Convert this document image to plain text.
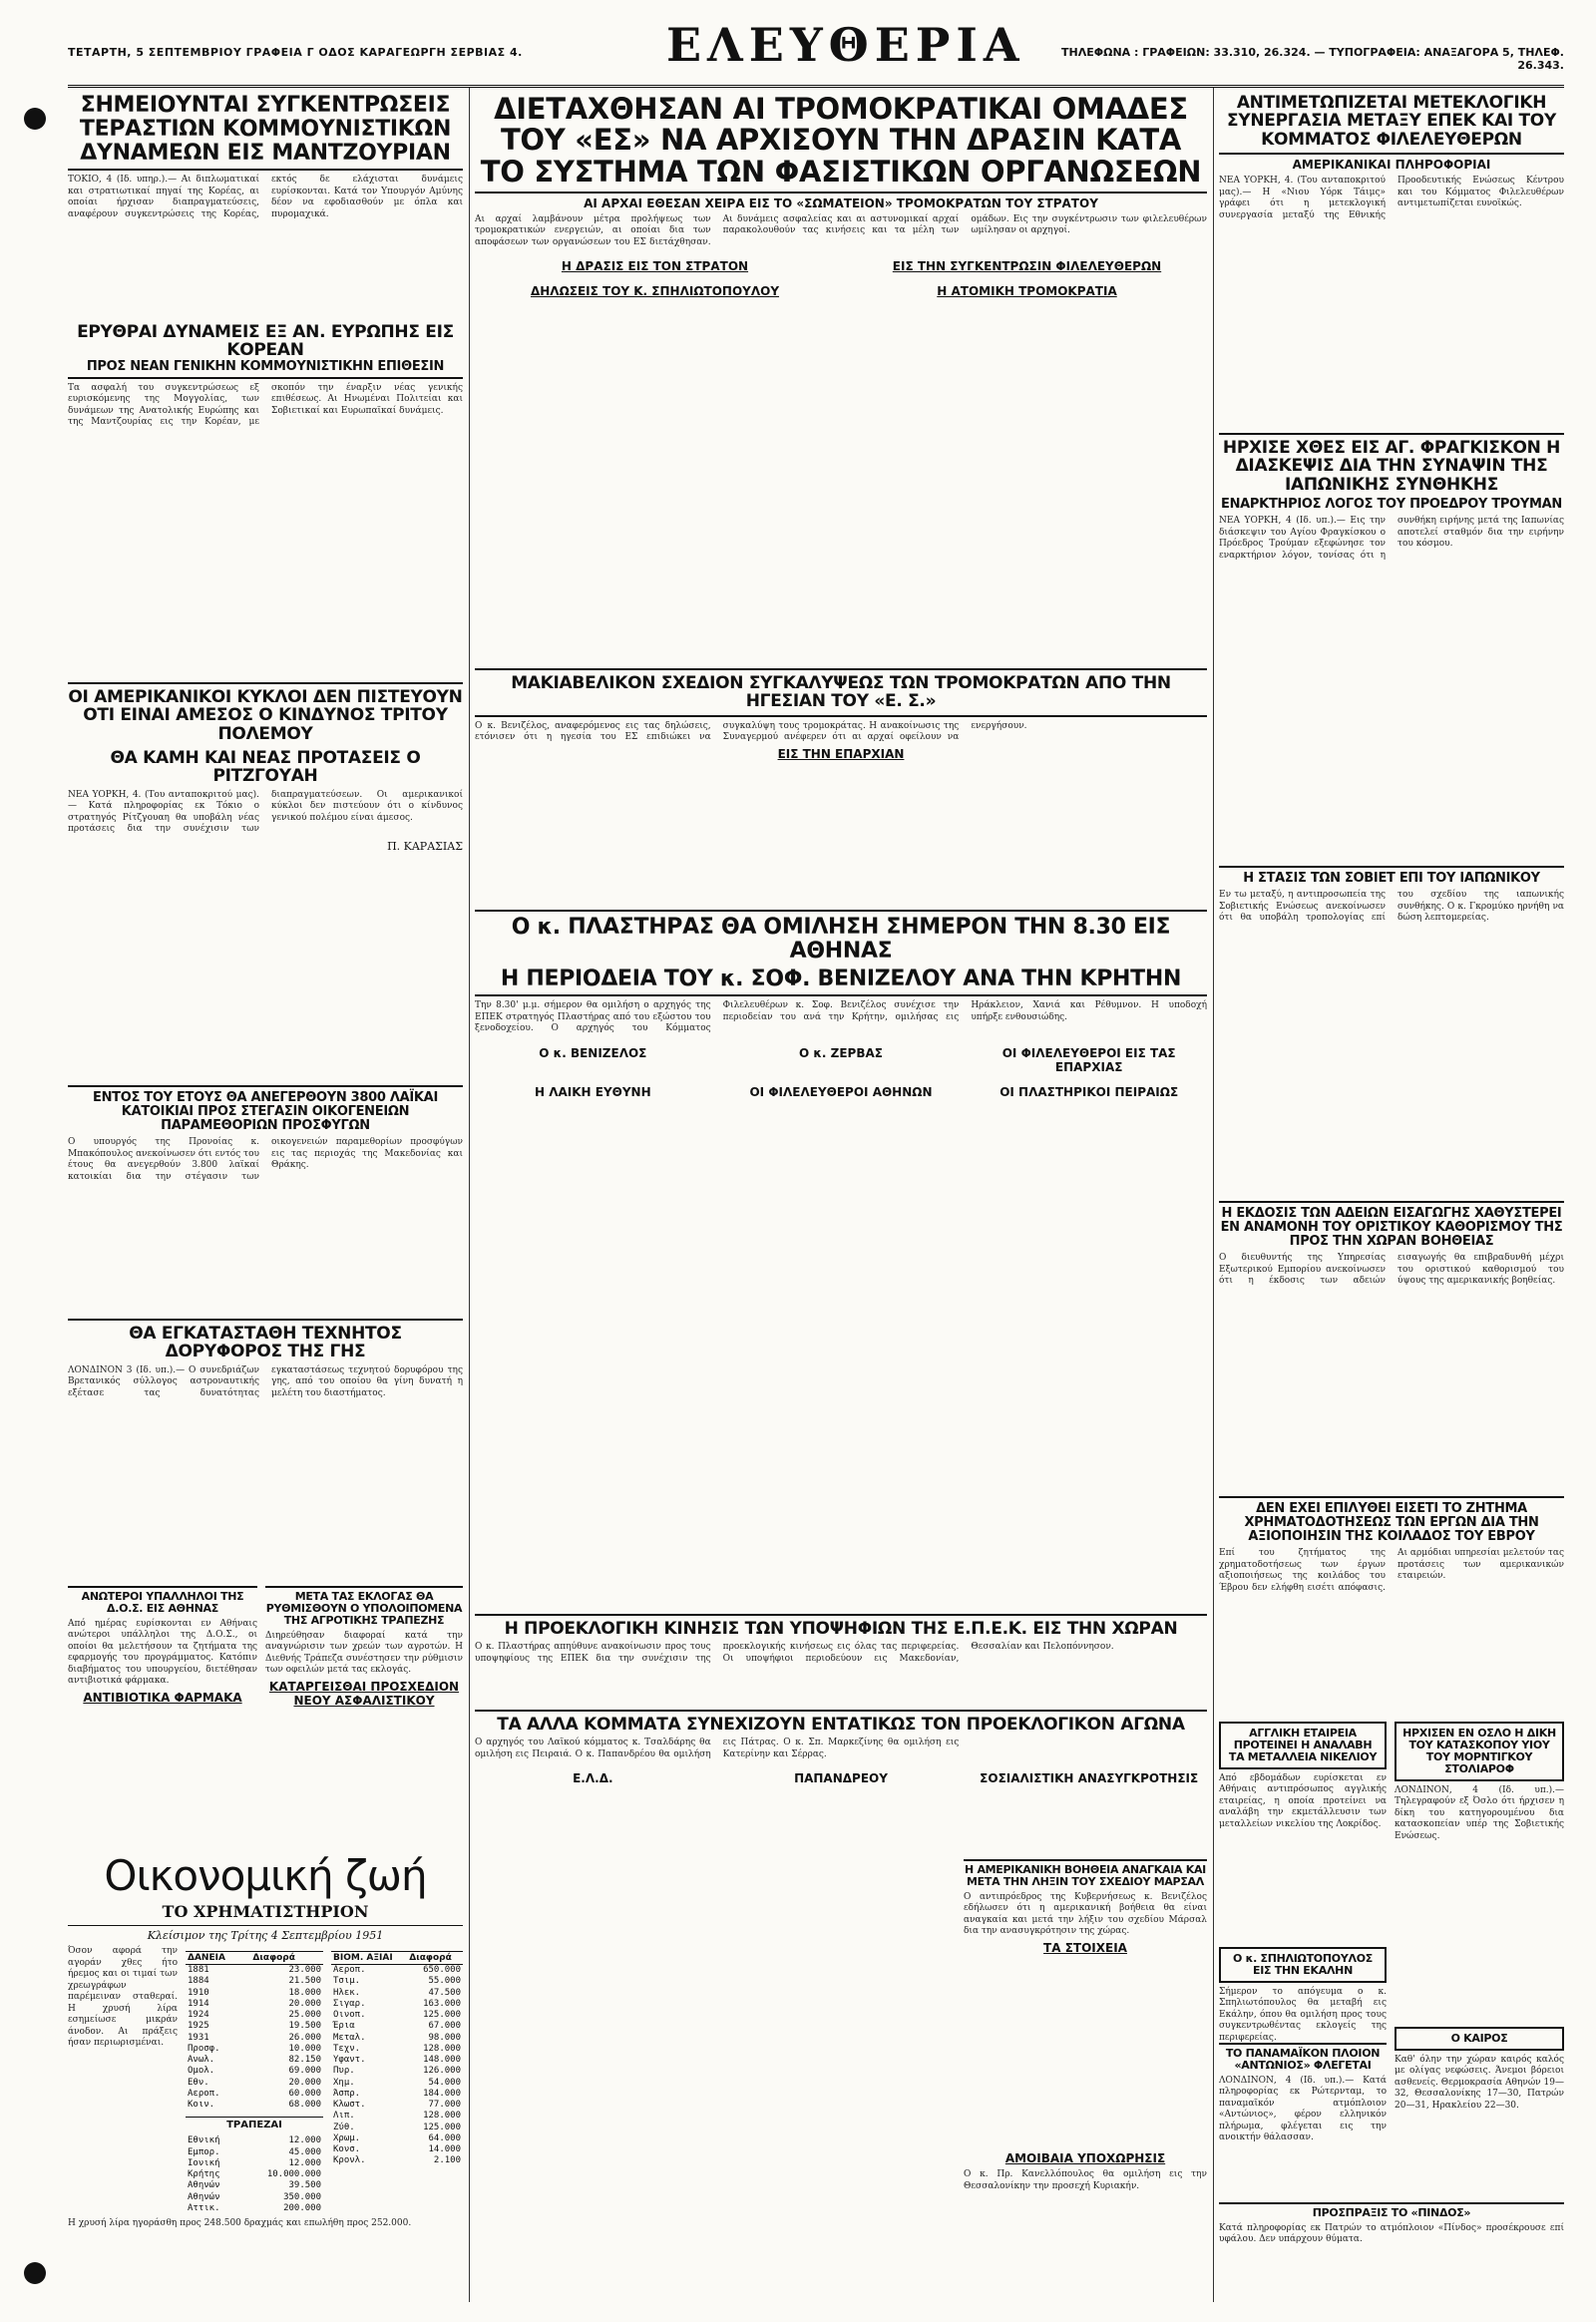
ΤΕΤΑΡΤΗ, 5 ΣΕΠΤΕΜΒΡΙΟΥ ΓΡΑΦΕΙΑ Γ ΟΔΟΣ ΚΑΡΑΓΕΩΡΓΗ ΣΕΡΒΙΑΣ 4.	ΕΛΕΥΘΕΡΙΑ	ΤΗΛΕΦΩΝΑ : ΓΡΑΦΕΙΩΝ: 33.310, 26.324. — ΤΥΠΟΓΡΑΦΕΙΑ: ΑΝΑΞΑΓΟΡΑ 5, ΤΗΛΕΦ. 26.343.
ΣΗΜΕΙΟΥΝΤΑΙ ΣΥΓΚΕΝΤΡΩΣΕΙΣ ΤΕΡΑΣΤΙΩΝ ΚΟΜΜΟΥΝΙΣΤΙΚΩΝ ΔΥΝΑΜΕΩΝ ΕΙΣ ΜΑΝΤΖΟΥΡΙΑΝ
ΤΟΚΙΟ, 4 (Ιδ. υπηρ.).— Αι διπλωματικαί και στρατιωτικαί πηγαί της Κορέας, αι οποίαι ήρχισαν διαπραγματεύσεις, αναφέρουν συγκεντρώσεις της Κορέας, εκτός δε ελάχισται δυνάμεις ευρίσκονται. Κατά τον Υπουργόν Αμύνης δέον να εφοδιασθούν με όπλα και πυρομαχικά.
ΕΡΥΘΡΑΙ ΔΥΝΑΜΕΙΣ ΕΞ ΑΝ. ΕΥΡΩΠΗΣ ΕΙΣ ΚΟΡΕΑΝ
ΠΡΟΣ ΝΕΑΝ ΓΕΝΙΚΗΝ ΚΟΜΜΟΥΝΙΣΤΙΚΗΝ ΕΠΙΘΕΣΙΝ
Τα ασφαλή του συγκεντρώσεως εξ ευρισκόμενης της Μογγολίας, των δυνάμεων της Ανατολικής Ευρώπης και της Μαντζουρίας εις την Κορέαν, με σκοπόν την έναρξιν νέας γενικής επιθέσεως. Αι Ηνωμέναι Πολιτείαι και Σοβιετικαί και Ευρωπαϊκαί δυνάμεις.
ΟΙ ΑΜΕΡΙΚΑΝΙΚΟΙ ΚΥΚΛΟΙ ΔΕΝ ΠΙΣΤΕΥΟΥΝ ΟΤΙ ΕΙΝΑΙ ΑΜΕΣΟΣ Ο ΚΙΝΔΥΝΟΣ ΤΡΙΤΟΥ ΠΟΛΕΜΟΥ
ΘΑ ΚΑΜΗ ΚΑΙ ΝΕΑΣ ΠΡΟΤΑΣΕΙΣ Ο ΡΙΤΖΓΟΥΑΗ
ΝΕΑ ΥΟΡΚΗ, 4. (Του ανταποκριτού μας).— Κατά πληροφορίας εκ Τόκιο ο στρατηγός Ρίτζγουαη θα υποβάλη νέας προτάσεις δια την συνέχισιν των διαπραγματεύσεων. Οι αμερικανικοί κύκλοι δεν πιστεύουν ότι ο κίνδυνος γενικού πολέμου είναι άμεσος.
Π. ΚΑΡΑΣΙΑΣ
ΕΝΤΟΣ ΤΟΥ ΕΤΟΥΣ ΘΑ ΑΝΕΓΕΡΘΟΥΝ 3800 ΛΑΪΚΑΙ ΚΑΤΟΙΚΙΑΙ ΠΡΟΣ ΣΤΕΓΑΣΙΝ ΟΙΚΟΓΕΝΕΙΩΝ ΠΑΡΑΜΕΘΟΡΙΩΝ ΠΡΟΣΦΥΓΩΝ
Ο υπουργός της Προνοίας κ. Μπακόπουλος ανεκοίνωσεν ότι εντός του έτους θα ανεγερθούν 3.800 λαϊκαί κατοικίαι δια την στέγασιν των οικογενειών παραμεθορίων προσφύγων εις τας περιοχάς της Μακεδονίας και Θράκης.
ΘΑ ΕΓΚΑΤΑΣΤΑΘΗ ΤΕΧΝΗΤΟΣ ΔΟΡΥΦΟΡΟΣ ΤΗΣ ΓΗΣ
ΛΟΝΔΙΝΟΝ 3 (Ιδ. υπ.).— Ο συνεδριάζων Βρετανικός σύλλογος αστροναυτικής εξέτασε τας δυνατότητας εγκαταστάσεως τεχνητού δορυφόρου της γης, από του οποίου θα γίνη δυνατή η μελέτη του διαστήματος.
ΑΝΩΤΕΡΟΙ ΥΠΑΛΛΗΛΟΙ ΤΗΣ Δ.Ο.Σ. ΕΙΣ ΑΘΗΝΑΣ
Από ημέρας ευρίσκονται εν Αθήναις ανώτεροι υπάλληλοι της Δ.Ο.Σ., οι οποίοι θα μελετήσουν τα ζητήματα της εφαρμογής του προγράμματος. Κατόπιν διαβήματος του υπουργείου, διετέθησαν αντιβιοτικά φάρμακα.
ΑΝΤΙΒΙΟΤΙΚΑ ΦΑΡΜΑΚΑ
ΜΕΤΑ ΤΑΣ ΕΚΛΟΓΑΣ ΘΑ ΡΥΘΜΙΣΘΟΥΝ Ο ΥΠΟΛΟΙΠΟΜΕΝΑ ΤΗΣ ΑΓΡΟΤΙΚΗΣ ΤΡΑΠΕΖΗΣ
Διηρεύθησαν διαφοραί κατά την αναγνώρισιν των χρεών των αγροτών. Η Διεθνής Τράπεζα συνέστησεν την ρύθμισιν των οφειλών μετά τας εκλογάς.
ΚΑΤΑΡΓΕΙΣΘΑΙ ΠΡΟΣΧΕΔΙΟΝ ΝΕΟΥ ΑΣΦΑΛΙΣΤΙΚΟΥ
Οικονομική ζωή
ΤΟ ΧΡΗΜΑΤΙΣΤΗΡΙΟΝ
Κλείσιμον της Τρίτης 4 Σεπτεμβρίου 1951
Όσον αφορά την αγοράν χθες ήτο ήρεμος και οι τιμαί των χρεωγράφων παρέμειναν σταθεραί. Η χρυσή λίρα εσημείωσε μικράν άνοδον. Αι πράξεις ήσαν περιωρισμέναι.
ΔΑΝΕΙΑ	Διαφορά
1881	23.000
1884	21.500
1910	18.000
1914	20.000
1924	25.000
1925	19.500
1931	26.000
Προσφ.	10.000
Ανωλ.	82.150
Ομολ.	69.000
Εθν.	20.000
Αεροπ.	60.000
Κοιν.	68.000
ΤΡΑΠΕΖΑΙ
Εθνική	12.000
Εμπορ.	45.000
Ιονική	12.000
Κρήτης	10.000.000
Αθηνών	39.500
Αθηνών	350.000
Αττικ.	200.000
ΒΙΟΜ. ΑΞΙΑΙ	Διαφορά
Αεροπ.	650.000
Τσιμ.	55.000
Ηλεκ.	47.500
Σιγαρ.	163.000
Οινοπ.	125.000
Έρια	67.000
Μεταλ.	98.000
Τεχν.	128.000
Υφαντ.	148.000
Πυρ.	126.000
Χημ.	54.000
Άσπρ.	184.000
Κλωστ.	77.000
Λιπ.	128.000
Ζύθ.	125.000
Χρωμ.	64.000
Κονσ.	14.000
Κρονλ.	2.100
Η χρυσή λίρα ηγοράσθη προς 248.500 δραχμάς και επωλήθη προς 252.000.
ΔΙΕΤΑΧΘΗΣΑΝ ΑΙ ΤΡΟΜΟΚΡΑΤΙΚΑΙ ΟΜΑΔΕΣ ΤΟΥ «ΕΣ» ΝΑ ΑΡΧΙΣΟΥΝ ΤΗΝ ΔΡΑΣΙΝ ΚΑΤΑ ΤΟ ΣΥΣΤΗΜΑ ΤΩΝ ΦΑΣΙΣΤΙΚΩΝ ΟΡΓΑΝΩΣΕΩΝ
ΑΙ ΑΡΧΑΙ ΕΘΕΣΑΝ ΧΕΙΡΑ ΕΙΣ ΤΟ «ΣΩΜΑΤΕΙΟΝ» ΤΡΟΜΟΚΡΑΤΩΝ ΤΟΥ ΣΤΡΑΤΟΥ
Αι αρχαί λαμβάνουν μέτρα προλήψεως των τρομοκρατικών ενεργειών, αι οποίαι δια των αποφάσεων των οργανώσεων του ΕΣ διετάχθησαν. Αι δυνάμεις ασφαλείας και αι αστυνομικαί αρχαί παρακολουθούν τας κινήσεις και τα μέλη των ομάδων. Εις την συγκέντρωσιν των φιλελευθέρων ωμίλησαν οι αρχηγοί.
Η ΔΡΑΣΙΣ ΕΙΣ ΤΟΝ ΣΤΡΑΤΟΝ	ΕΙΣ ΤΗΝ ΣΥΓΚΕΝΤΡΩΣΙΝ ΦΙΛΕΛΕΥΘΕΡΩΝ
ΔΗΛΩΣΕΙΣ ΤΟΥ Κ. ΣΠΗΛΙΩΤΟΠΟΥΛΟΥ	Η ΑΤΟΜΙΚΗ ΤΡΟΜΟΚΡΑΤΙΑ
ΜΑΚΙΑΒΕΛΙΚΟΝ ΣΧΕΔΙΟΝ ΣΥΓΚΑΛΥΨΕΩΣ ΤΩΝ ΤΡΟΜΟΚΡΑΤΩΝ ΑΠΟ ΤΗΝ ΗΓΕΣΙΑΝ ΤΟΥ «Ε. Σ.»
Ο κ. Βενιζέλος, αναφερόμενος εις τας δηλώσεις, ετόνισεν ότι η ηγεσία του ΕΣ επιδιώκει να συγκαλύψη τους τρομοκράτας. Η ανακοίνωσις της Συναγερμού ανέφερεν ότι αι αρχαί οφείλουν να ενεργήσουν.
ΕΙΣ ΤΗΝ ΕΠΑΡΧΙΑΝ
Ο κ. ΠΛΑΣΤΗΡΑΣ ΘΑ ΟΜΙΛΗΣΗ ΣΗΜΕΡΟΝ ΤΗΝ 8.30 ΕΙΣ ΑΘΗΝΑΣ
Η ΠΕΡΙΟΔΕΙΑ ΤΟΥ κ. ΣΟΦ. ΒΕΝΙΖΕΛΟΥ ΑΝΑ ΤΗΝ ΚΡΗΤΗΝ
Την 8.30' μ.μ. σήμερον θα ομιλήση ο αρχηγός της ΕΠΕΚ στρατηγός Πλαστήρας από του εξώστου του ξενοδοχείου. Ο αρχηγός του Κόμματος Φιλελευθέρων κ. Σοφ. Βενιζέλος συνέχισε την περιοδείαν του ανά την Κρήτην, ομιλήσας εις Ηράκλειον, Χανιά και Ρέθυμνον. Η υποδοχή υπήρξε ενθουσιώδης.
Ο κ. ΒΕΝΙΖΕΛΟΣ	Ο κ. ΖΕΡΒΑΣ	ΟΙ ΦΙΛΕΛΕΥΘΕΡΟΙ ΕΙΣ ΤΑΣ ΕΠΑΡΧΙΑΣ
Η ΛΑΙΚΗ ΕΥΘΥΝΗ	ΟΙ ΦΙΛΕΛΕΥΘΕΡΟΙ ΑΘΗΝΩΝ	ΟΙ ΠΛΑΣΤΗΡΙΚΟΙ ΠΕΙΡΑΙΩΣ
Η ΠΡΟΕΚΛΟΓΙΚΗ ΚΙΝΗΣΙΣ ΤΩΝ ΥΠΟΨΗΦΙΩΝ ΤΗΣ Ε.Π.Ε.Κ. ΕΙΣ ΤΗΝ ΧΩΡΑΝ
Ο κ. Πλαστήρας απηύθυνε ανακοίνωσιν προς τους υποψηφίους της ΕΠΕΚ δια την συνέχισιν της προεκλογικής κινήσεως εις όλας τας περιφερείας. Οι υποψήφιοι περιοδεύουν εις Μακεδονίαν, Θεσσαλίαν και Πελοπόννησον.
ΤΑ ΑΛΛΑ ΚΟΜΜΑΤΑ ΣΥΝΕΧΙΖΟΥΝ ΕΝΤΑΤΙΚΩΣ ΤΟΝ ΠΡΟΕΚΛΟΓΙΚΟΝ ΑΓΩΝΑ
Ο αρχηγός του Λαϊκού κόμματος κ. Τσαλδάρης θα ομιλήση εις Πειραιά. Ο κ. Παπανδρέου θα ομιλήση εις Πάτρας. Ο κ. Σπ. Μαρκεζίνης θα ομιλήση εις Κατερίνην και Σέρρας.
Ε.Λ.Δ.	ΠΑΠΑΝΔΡΕΟΥ	ΣΟΣΙΑΛΙΣΤΙΚΗ ΑΝΑΣΥΓΚΡΟΤΗΣΙΣ
Η ΑΜΕΡΙΚΑΝΙΚΗ ΒΟΗΘΕΙΑ ΑΝΑΓΚΑΙΑ ΚΑΙ ΜΕΤΑ ΤΗΝ ΛΗΞΙΝ ΤΟΥ ΣΧΕΔΙΟΥ ΜΑΡΣΑΛ
Ο αντιπρόεδρος της Κυβερνήσεως κ. Βενιζέλος εδήλωσεν ότι η αμερικανική βοήθεια θα είναι αναγκαία και μετά την λήξιν του σχεδίου Μάρσαλ δια την ανασυγκρότησιν της χώρας.
ΤΑ ΣΤΟΙΧΕΙΑ
ΑΜΟΙΒΑΙΑ ΥΠΟΧΩΡΗΣΙΣ
Ο κ. Πρ. Κανελλόπουλος θα ομιλήση εις την Θεσσαλονίκην την προσεχή Κυριακήν.
ΑΝΤΙΜΕΤΩΠΙΖΕΤΑΙ ΜΕΤΕΚΛΟΓΙΚΗ ΣΥΝΕΡΓΑΣΙΑ ΜΕΤΑΞΥ ΕΠΕΚ ΚΑΙ ΤΟΥ ΚΟΜΜΑΤΟΣ ΦΙΛΕΛΕΥΘΕΡΩΝ
ΑΜΕΡΙΚΑΝΙΚΑΙ ΠΛΗΡΟΦΟΡΙΑΙ
ΝΕΑ ΥΟΡΚΗ, 4. (Του ανταποκριτού μας).— Η «Νιου Υόρκ Τάιμς» γράφει ότι η μετεκλογική συνεργασία μεταξύ της Εθνικής Προοδευτικής Ενώσεως Κέντρου και του Κόμματος Φιλελευθέρων αντιμετωπίζεται ευνοϊκώς.
ΗΡΧΙΣΕ ΧΘΕΣ ΕΙΣ ΑΓ. ΦΡΑΓΚΙΣΚΟΝ Η ΔΙΑΣΚΕΨΙΣ ΔΙΑ ΤΗΝ ΣΥΝΑΨΙΝ ΤΗΣ ΙΑΠΩΝΙΚΗΣ ΣΥΝΘΗΚΗΣ
ΕΝΑΡΚΤΗΡΙΟΣ ΛΟΓΟΣ ΤΟΥ ΠΡΟΕΔΡΟΥ ΤΡΟΥΜΑΝ
ΝΕΑ ΥΟΡΚΗ, 4 (Ιδ. υπ.).— Εις την διάσκεψιν του Αγίου Φραγκίσκου ο Πρόεδρος Τρούμαν εξεφώνησε τον εναρκτήριον λόγον, τονίσας ότι η συνθήκη ειρήνης μετά της Ιαπωνίας αποτελεί σταθμόν δια την ειρήνην του κόσμου.
Η ΣΤΑΣΙΣ ΤΩΝ ΣΟΒΙΕΤ ΕΠΙ ΤΟΥ ΙΑΠΩΝΙΚΟΥ
Εν τω μεταξύ, η αντιπροσωπεία της Σοβιετικής Ενώσεως ανεκοίνωσεν ότι θα υποβάλη τροπολογίας επί του σχεδίου της ιαπωνικής συνθήκης. Ο κ. Γκρομύκο ηρνήθη να δώση λεπτομερείας.
Η ΕΚΔΟΣΙΣ ΤΩΝ ΑΔΕΙΩΝ ΕΙΣΑΓΩΓΗΣ ΧΑΘΥΣΤΕΡΕΙ ΕΝ ΑΝΑΜΟΝΗ ΤΟΥ ΟΡΙΣΤΙΚΟΥ ΚΑΘΟΡΙΣΜΟΥ ΤΗΣ ΠΡΟΣ ΤΗΝ ΧΩΡΑΝ ΒΟΗΘΕΙΑΣ
Ο διευθυντής της Υπηρεσίας Εξωτερικού Εμπορίου ανεκοίνωσεν ότι η έκδοσις των αδειών εισαγωγής θα επιβραδυνθή μέχρι του οριστικού καθορισμού του ύψους της αμερικανικής βοηθείας.
ΔΕΝ ΕΧΕΙ ΕΠΙΛΥΘΕΙ ΕΙΣΕΤΙ ΤΟ ΖΗΤΗΜΑ ΧΡΗΜΑΤΟΔΟΤΗΣΕΩΣ ΤΩΝ ΕΡΓΩΝ ΔΙΑ ΤΗΝ ΑΞΙΟΠΟΙΗΣΙΝ ΤΗΣ ΚΟΙΛΑΔΟΣ ΤΟΥ ΕΒΡΟΥ
Επί του ζητήματος της χρηματοδοτήσεως των έργων αξιοποιήσεως της κοιλάδος του Έβρου δεν ελήφθη εισέτι απόφασις. Αι αρμόδιαι υπηρεσίαι μελετούν τας προτάσεις των αμερικανικών εταιρειών.
ΑΓΓΛΙΚΗ ΕΤΑΙΡΕΙΑ ΠΡΟΤΕΙΝΕΙ Η ΑΝΑΛΑΒΗ ΤΑ ΜΕΤΑΛΛΕΙΑ ΝΙΚΕΛΙΟΥ
Από εβδομάδων ευρίσκεται εν Αθήναις αντιπρόσωπος αγγλικής εταιρείας, η οποία προτείνει να αναλάβη την εκμετάλλευσιν των μεταλλείων νικελίου της Λοκρίδος.
ΗΡΧΙΣΕΝ ΕΝ ΟΣΛΟ Η ΔΙΚΗ ΤΟΥ ΚΑΤΑΣΚΟΠΟΥ ΥΙΟΥ ΤΟΥ ΜΟΡΝΤΙΓΚΟΥ ΣΤΟΛΙΑΡΟΦ
ΛΟΝΔΙΝΟΝ, 4 (Ιδ. υπ.).— Τηλεγραφούν εξ Όσλο ότι ήρχισεν η δίκη του κατηγορουμένου δια κατασκοπείαν υπέρ της Σοβιετικής Ενώσεως.
Ο κ. ΣΠΗΛΙΩΤΟΠΟΥΛΟΣ ΕΙΣ ΤΗΝ ΕΚΑΛΗΝ
Σήμερον το απόγευμα ο κ. Σπηλιωτόπουλος θα μεταβή εις Εκάλην, όπου θα ομιλήση προς τους συγκεντρωθέντας εκλογείς της περιφερείας.
ΤΟ ΠΑΝΑΜΑΪΚΟΝ ΠΛΟΙΟΝ «ΑΝΤΩΝΙΟΣ» ΦΛΕΓΕΤΑΙ
ΛΟΝΔΙΝΟΝ, 4 (Ιδ. υπ.).— Κατά πληροφορίας εκ Ρώτερνταμ, το παναμαϊκόν ατμόπλοιον «Αντώνιος», φέρον ελληνικόν πλήρωμα, φλέγεται εις την ανοικτήν θάλασσαν.
Ο ΚΑΙΡΟΣ
Καθ' όλην την χώραν καιρός καλός με ολίγας νεφώσεις. Άνεμοι βόρειοι ασθενείς. Θερμοκρασία Αθηνών 19—32, Θεσσαλονίκης 17—30, Πατρών 20—31, Ηρακλείου 22—30.
ΠΡΟΣΠΡΑΞΙΣ ΤΟ «ΠΙΝΔΟΣ»
Κατά πληροφορίας εκ Πατρών το ατμόπλοιον «Πίνδος» προσέκρουσε επί υφάλου. Δεν υπάρχουν θύματα.
